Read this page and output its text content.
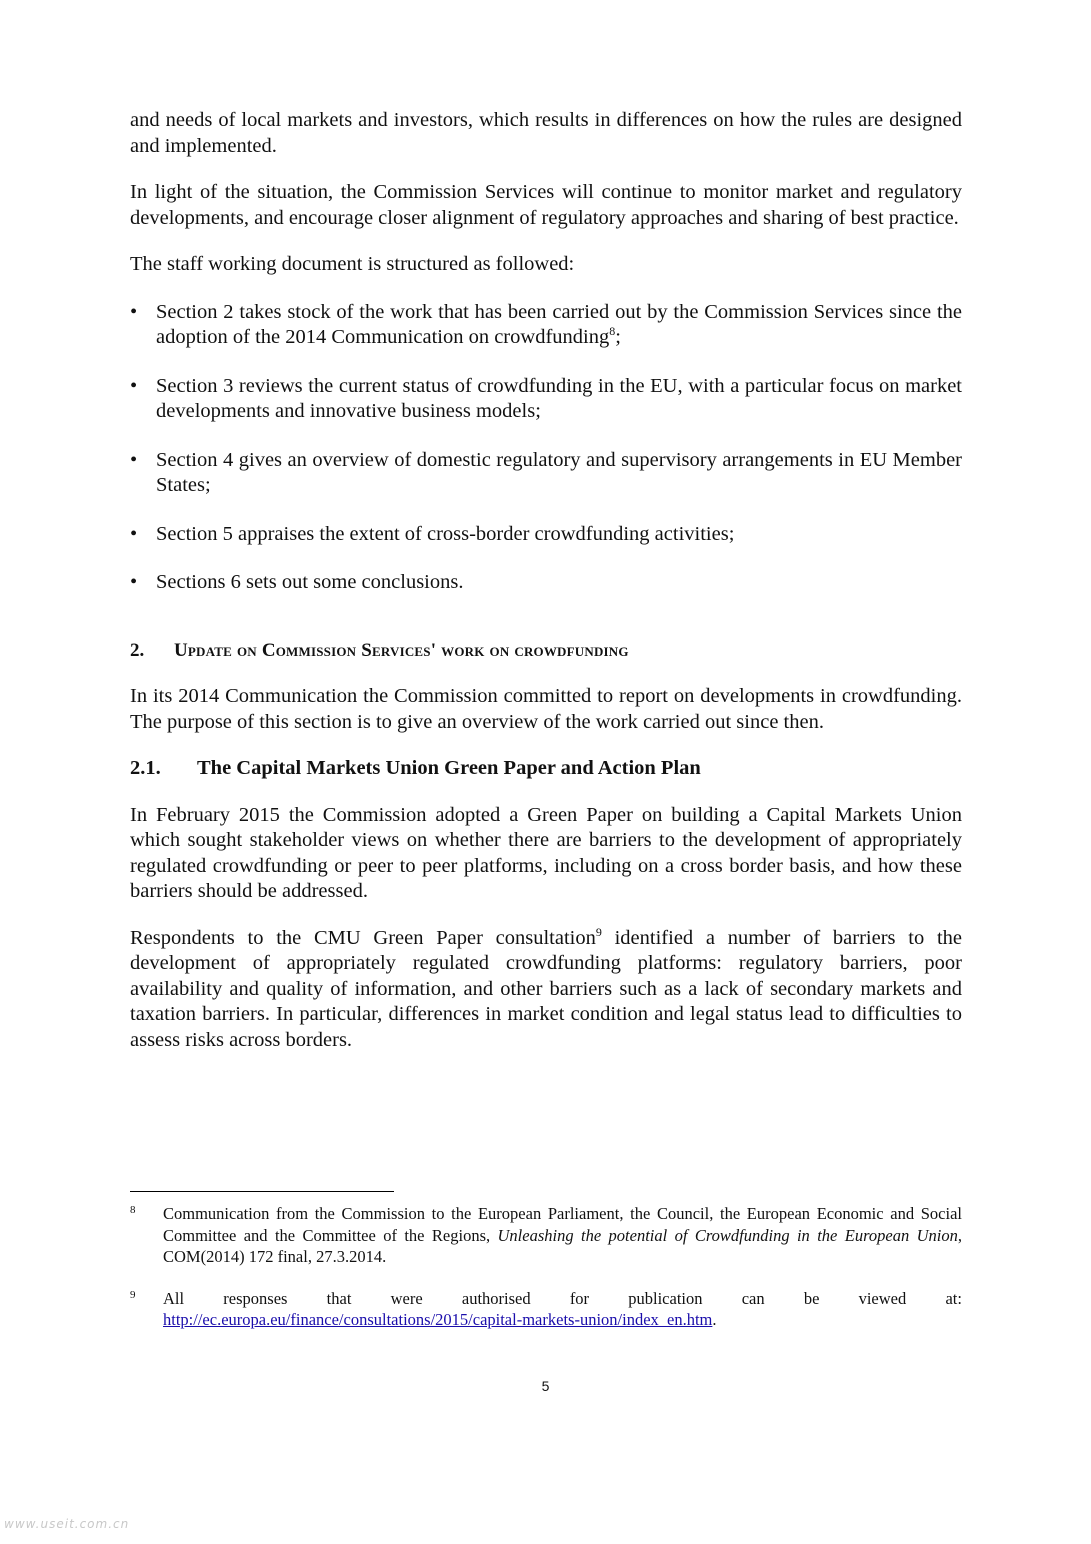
and needs of local markets and investors, which results in differences on how the rules are designed and implemented.

In light of the situation, the Commission Services will continue to monitor market and regulatory developments, and encourage closer alignment of regulatory approaches and sharing of best practice.

The staff working document is structured as followed:

• Section 2 takes stock of the work that has been carried out by the Commission Services since the adoption of the 2014 Communication on crowdfunding$^8$;
• Section 3 reviews the current status of crowdfunding in the EU, with a particular focus on market developments and innovative business models;
• Section 4 gives an overview of domestic regulatory and supervisory arrangements in EU Member States;
• Section 5 appraises the extent of cross-border crowdfunding activities;
• Sections 6 sets out some conclusions.
2.	Update on Commission Services' work on crowdfunding

In its 2014 Communication the Commission committed to report on developments in crowdfunding. The purpose of this section is to give an overview of the work carried out since then.

2.1.	The Capital Markets Union Green Paper and Action Plan

In February 2015 the Commission adopted a Green Paper on building a Capital Markets Union which sought stakeholder views on whether there are barriers to the development of appropriately regulated crowdfunding or peer to peer platforms, including on a cross border basis, and how these barriers should be addressed.

Respondents to the CMU Green Paper consultation$^9$ identified a number of barriers to the development of appropriately regulated crowdfunding platforms: regulatory barriers, poor availability and quality of information, and other barriers such as a lack of secondary markets and taxation barriers. In particular, differences in market condition and legal status lead to difficulties to assess risks across borders.

8	Communication from the Commission to the European Parliament, the Council, the European Economic and Social Committee and the Committee of the Regions, Unleashing the potential of Crowdfunding in the European Union, COM(2014) 172 final, 27.3.2014.
9	All responses that were authorised for publication can be viewed at:
http://ec.europa.eu/finance/consultations/2015/capital-markets-union/index_en.htm.
5
www.useit.com.cn
